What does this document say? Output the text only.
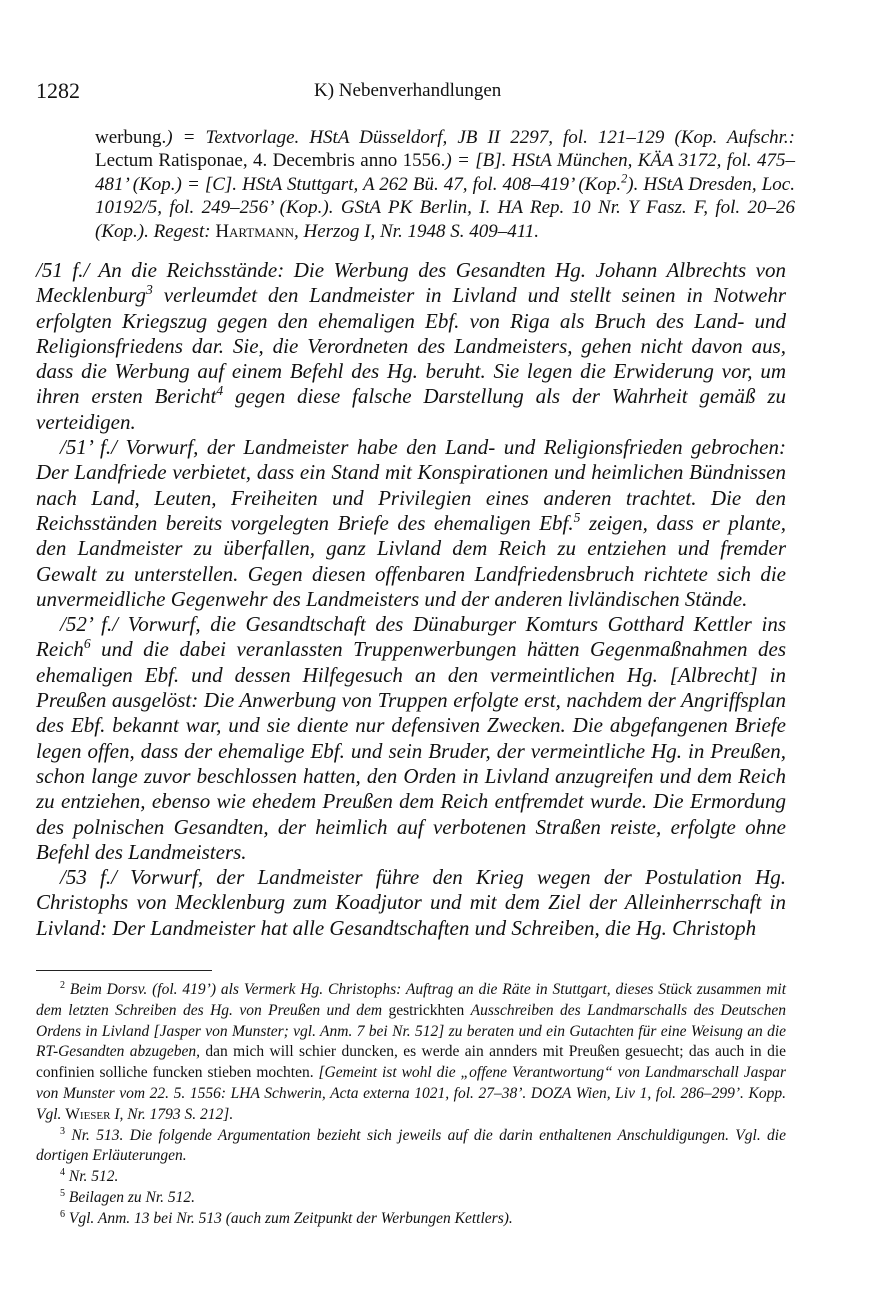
1282	K) Nebenverhandlungen
werbung.) = Textvorlage. HStA Düsseldorf, JB II 2297, fol. 121–129 (Kop. Aufschr.: Lectum Ratisponae, 4. Decembris anno 1556.) = [B]. HStA München, KÄA 3172, fol. 475–481’ (Kop.) = [C]. HStA Stuttgart, A 262 Bü. 47, fol. 408–419’ (Kop.$^2$). HStA Dresden, Loc. 10192/5, fol. 249–256’ (Kop.). GStA PK Berlin, I. HA Rep. 10 Nr. Y Fasz. F, fol. 20–26 (Kop.). Regest: Hartmann, Herzog I, Nr. 1948 S. 409–411.

/51 f./ An die Reichsstände: Die Werbung des Gesandten Hg. Johann Albrechts von Mecklenburg$^3$ verleumdet den Landmeister in Livland und stellt seinen in Notwehr erfolgten Kriegszug gegen den ehemaligen Ebf. von Riga als Bruch des Land- und Religionsfriedens dar. Sie, die Verordneten des Landmeisters, gehen nicht davon aus, dass die Werbung auf einem Befehl des Hg. beruht. Sie legen die Erwiderung vor, um ihren ersten Bericht$^4$ gegen diese falsche Darstellung als der Wahrheit gemäß zu verteidigen.

/51’ f./ Vorwurf, der Landmeister habe den Land- und Religionsfrieden gebrochen: Der Landfriede verbietet, dass ein Stand mit Konspirationen und heimlichen Bündnissen nach Land, Leuten, Freiheiten und Privilegien eines anderen trachtet. Die den Reichsständen bereits vorgelegten Briefe des ehemaligen Ebf.$^5$ zeigen, dass er plante, den Landmeister zu überfallen, ganz Livland dem Reich zu entziehen und fremder Gewalt zu unterstellen. Gegen diesen offenbaren Landfriedensbruch richtete sich die unvermeidliche Gegenwehr des Landmeisters und der anderen livländischen Stände.

/52’ f./ Vorwurf, die Gesandtschaft des Dünaburger Komturs Gotthard Kettler ins Reich$^6$ und die dabei veranlassten Truppenwerbungen hätten Gegenmaßnahmen des ehemaligen Ebf. und dessen Hilfegesuch an den vermeintlichen Hg. [Albrecht] in Preußen ausgelöst: Die Anwerbung von Truppen erfolgte erst, nachdem der Angriffsplan des Ebf. bekannt war, und sie diente nur defensiven Zwecken. Die abgefangenen Briefe legen offen, dass der ehemalige Ebf. und sein Bruder, der vermeintliche Hg. in Preußen, schon lange zuvor beschlossen hatten, den Orden in Livland anzugreifen und dem Reich zu entziehen, ebenso wie ehedem Preußen dem Reich entfremdet wurde. Die Ermordung des polnischen Gesandten, der heimlich auf verbotenen Straßen reiste, erfolgte ohne Befehl des Landmeisters.

/53 f./ Vorwurf, der Landmeister führe den Krieg wegen der Postulation Hg. Christophs von Mecklenburg zum Koadjutor und mit dem Ziel der Alleinherrschaft in Livland: Der Landmeister hat alle Gesandtschaften und Schreiben, die Hg. Christoph

$^2$ Beim Dorsv. (fol. 419’) als Vermerk Hg. Christophs: Auftrag an die Räte in Stuttgart, dieses Stück zusammen mit dem letzten Schreiben des Hg. von Preußen und dem gestrickhten Ausschreiben des Landmarschalls des Deutschen Ordens in Livland [Jasper von Munster; vgl. Anm. 7 bei Nr. 512] zu beraten und ein Gutachten für eine Weisung an die RT-Gesandten abzugeben, dan mich will schier duncken, es werde ain annders mit Preußen gesuecht; das auch in die confinien solliche funcken stieben mochten. [Gemeint ist wohl die „offene Verantwortung“ von Landmarschall Jaspar von Munster vom 22. 5. 1556: LHA Schwerin, Acta externa 1021, fol. 27–38’. DOZA Wien, Liv 1, fol. 286–299’. Kopp. Vgl. Wieser I, Nr. 1793 S. 212].

$^3$ Nr. 513. Die folgende Argumentation bezieht sich jeweils auf die darin enthaltenen Anschuldigungen. Vgl. die dortigen Erläuterungen.

$^4$ Nr. 512.

$^5$ Beilagen zu Nr. 512.

$^6$ Vgl. Anm. 13 bei Nr. 513 (auch zum Zeitpunkt der Werbungen Kettlers).
